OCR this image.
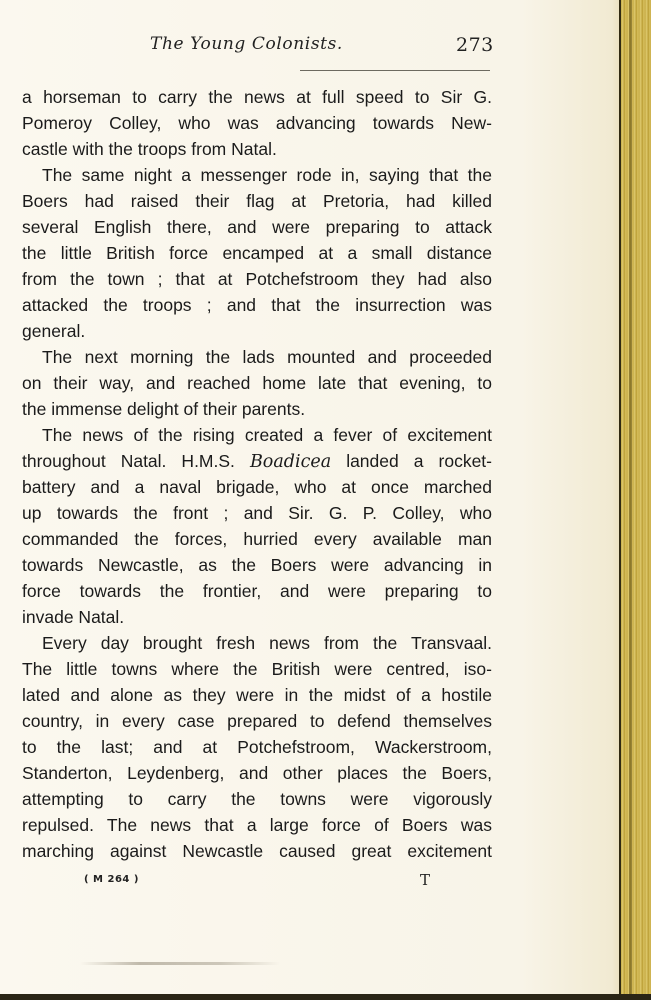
The Young Colonists.	273
a horseman to carry the news at full speed to Sir G.
Pomeroy Colley, who was advancing towards New-
castle with the troops from Natal.
The same night a messenger rode in, saying that the
Boers had raised their flag at Pretoria, had killed
several English there, and were preparing to attack
the little British force encamped at a small distance
from the town ; that at Potchefstroom they had also
attacked the troops ; and that the insurrection was
general.
The next morning the lads mounted and proceeded
on their way, and reached home late that evening, to
the immense delight of their parents.
The news of the rising created a fever of excitement
throughout Natal. H.M.S. Boadicea landed a rocket-
battery and a naval brigade, who at once marched
up towards the front ; and Sir. G. P. Colley, who
commanded the forces, hurried every available man
towards Newcastle, as the Boers were advancing in
force towards the frontier, and were preparing to
invade Natal.
Every day brought fresh news from the Transvaal.
The little towns where the British were centred, iso-
lated and alone as they were in the midst of a hostile
country, in every case prepared to defend themselves
to the last; and at Potchefstroom, Wackerstroom,
Standerton, Leydenberg, and other places the Boers,
attempting to carry the towns were vigorously
repulsed. The news that a large force of Boers was
marching against Newcastle caused great excitement
( M 264 )	T
